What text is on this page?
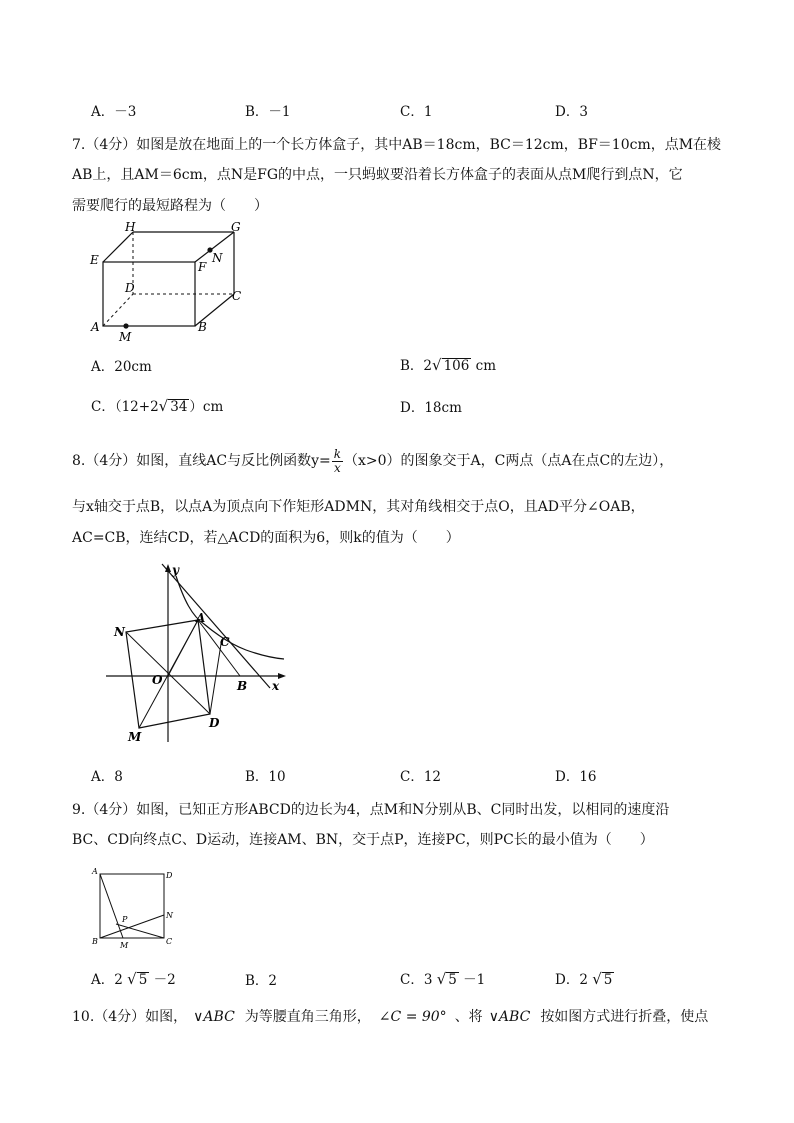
A．－3	B．－1	C．1	D．3
7.（4分）如图是放在地面上的一个长方体盒子，其中AB＝18cm，BC＝12cm，BF＝10cm，点M在棱
AB上，且AM＝6cm，点N是FG的中点，一只蚂蚁要沿着长方体盒子的表面从点M爬行到点N，它
需要爬行的最短路程为（　　）
H	G
E	F
N
D
C
A
M
B
A．20cm	B．2√ 106 cm
C．（12+2√ 34 ）cm	D．18cm
8.（4分）如图，直线AC与反比例函数$y= \frac{k}{x} (x>0)$的图象交于A，C两点（点A在点C的左边），
与x轴交于点B，以点A为顶点向下作矩形ADMN，其对角线相交于点O，且AD平分∠OAB，
AC=CB，连结CD，若△ACD的面积为6，则k的值为（　　）
y
N
A
C
O	B x
M
D
A．8	B．10	C．12	D．16
9.（4分）如图，已知正方形ABCD的边长为4，点M和N分别从B、C同时出发，以相同的速度沿
BC、CD向终点C、D运动，连接AM、BN，交于点P，连接PC，则PC长的最小值为（　　）
A	D
N
P
B	M	C
A．2 √ 5 －2	B．2	C．3 √ 5 －1	D．2 √ 5
10.（4分）如图， ∨ABC 为等腰直角三角形， ∠C = 90° 、将 ∨ABC 按如图方式进行折叠，使点
